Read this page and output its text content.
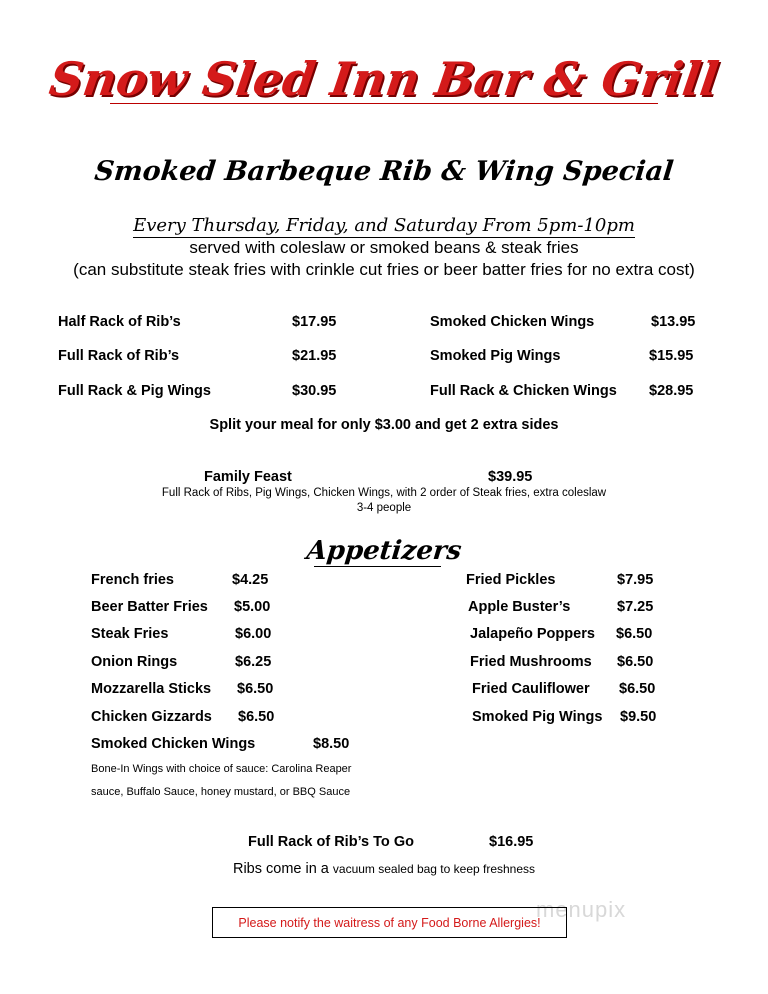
Snow Sled Inn Bar & Grill
Smoked Barbeque Rib & Wing Special
Every Thursday, Friday, and Saturday From 5pm-10pm
served with coleslaw or smoked beans & steak fries
(can substitute steak fries with crinkle cut fries or beer batter fries for no extra cost)
Half Rack of Rib’s	$17.95
Full Rack of Rib’s	$21.95
Full Rack & Pig Wings	$30.95
Smoked Chicken Wings	$13.95
Smoked Pig Wings	$15.95
Full Rack & Chicken Wings $28.95
Split your meal for only $3.00 and get 2 extra sides
Family Feast	$39.95
Full Rack of Ribs, Pig Wings, Chicken Wings, with 2 order of Steak fries, extra coleslaw
3-4 people
Appetizers
French fries	$4.25
Beer Batter Fries $5.00
Steak Fries	$6.00
Onion Rings	$6.25
Mozzarella Sticks $6.50
Chicken Gizzards $6.50
Smoked Chicken Wings	$8.50
Fried Pickles	$7.95
Apple Buster’s	$7.25
Jalapeño Poppers $6.50
Fried Mushrooms $6.50
Fried Cauliflower $6.50
Smoked Pig Wings $9.50
Bone-In Wings with choice of sauce: Carolina Reaper
sauce, Buffalo Sauce, honey mustard, or BBQ Sauce
Full Rack of Rib’s To Go	$16.95
Ribs come in a vacuum sealed bag to keep freshness
menupix
Please notify the waitress of any Food Borne Allergies!
